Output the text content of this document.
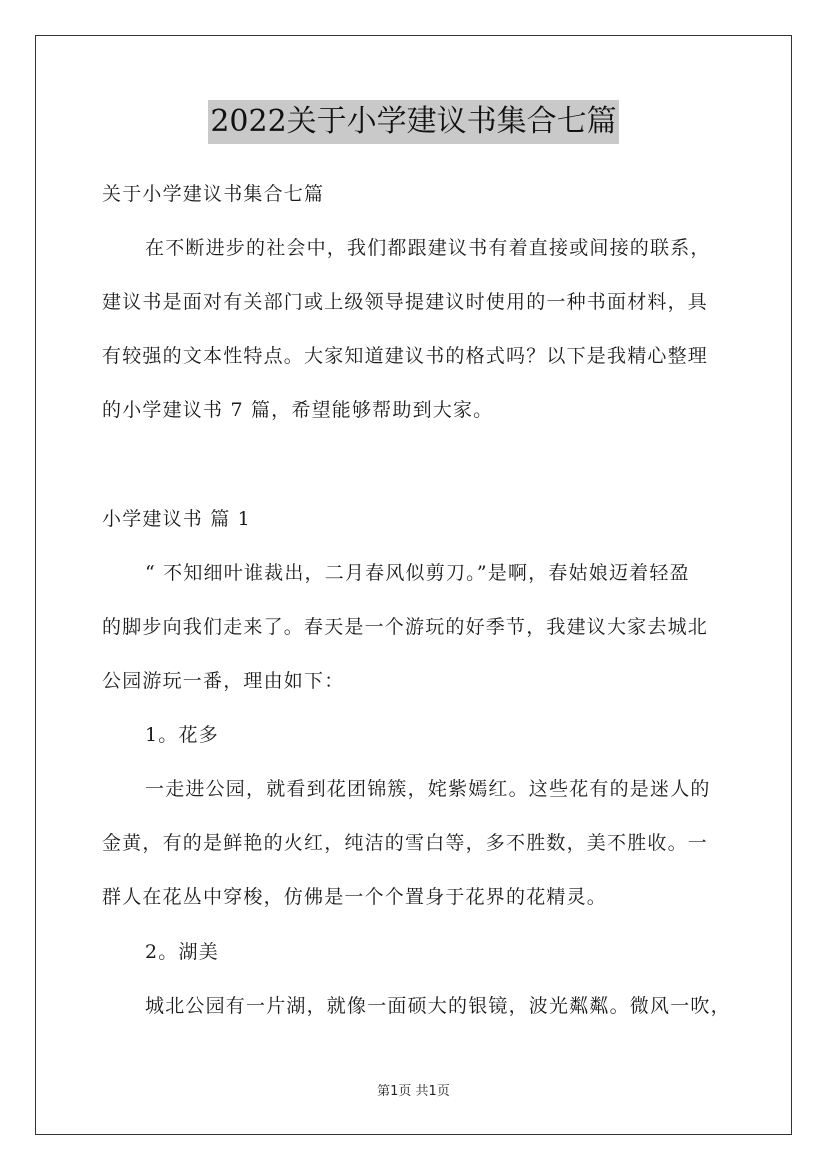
2022关于小学建议书集合七篇
关于小学建议书集合七篇
在不断进步的社会中，我们都跟建议书有着直接或间接的联系，
建议书是面对有关部门或上级领导提建议时使用的一种书面材料，具
有较强的文本性特点。大家知道建议书的格式吗？以下是我精心整理
的小学建议书 7 篇，希望能够帮助到大家。
小学建议书 篇 1
“ 不知细叶谁裁出，二月春风似剪刀。”是啊，春姑娘迈着轻盈
的脚步向我们走来了。春天是一个游玩的好季节，我建议大家去城北
公园游玩一番，理由如下：
1。花多
一走进公园，就看到花团锦簇，姹紫嫣红。这些花有的是迷人的
金黄，有的是鲜艳的火红，纯洁的雪白等，多不胜数，美不胜收。一
群人在花丛中穿梭，仿佛是一个个置身于花界的花精灵。
2。湖美
城北公园有一片湖，就像一面硕大的银镜，波光粼粼。微风一吹，
第1页 共1页
